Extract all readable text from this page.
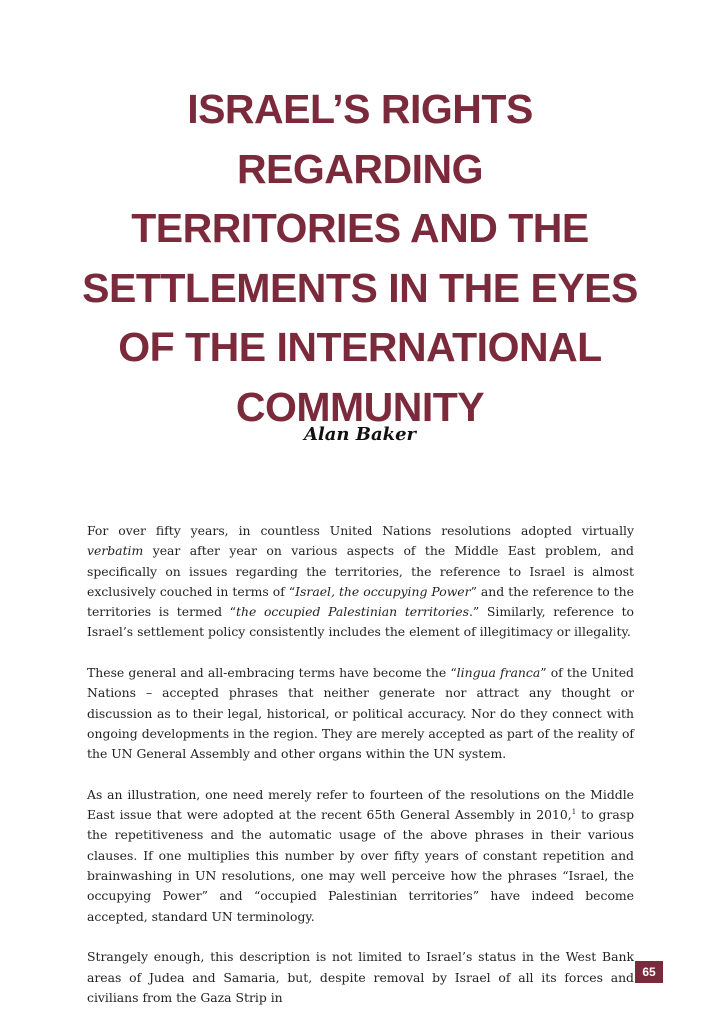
ISRAEL’S RIGHTS REGARDING
TERRITORIES AND THE
SETTLEMENTS IN THE EYES
OF THE INTERNATIONAL
COMMUNITY
Alan Baker

For over fifty years, in countless United Nations resolutions adopted virtually verbatim year after year on various aspects of the Middle East problem, and specifically on issues regarding the territories, the reference to Israel is almost exclusively couched in terms of “Israel, the occupying Power” and the reference to the territories is termed “the occupied Palestinian territories.” Similarly, reference to Israel’s settlement policy consistently includes the element of illegitimacy or illegality.

These general and all-embracing terms have become the “lingua franca” of the United Nations – accepted phrases that neither generate nor attract any thought or discussion as to their legal, historical, or political accuracy. Nor do they connect with ongoing developments in the region. They are merely accepted as part of the reality of the UN General Assembly and other organs within the UN system.

As an illustration, one need merely refer to fourteen of the resolutions on the Middle East issue that were adopted at the recent 65th General Assembly in 2010,$^1$ to grasp the repetitiveness and the automatic usage of the above phrases in their various clauses. If one multiplies this number by over fifty years of constant repetition and brainwashing in UN resolutions, one may well perceive how the phrases “Israel, the occupying Power” and “occupied Palestinian territories” have indeed become accepted, standard UN terminology.

Strangely enough, this description is not limited to Israel’s status in the West Bank areas of Judea and Samaria, but, despite removal by Israel of all its forces and civilians from the Gaza Strip in

65
